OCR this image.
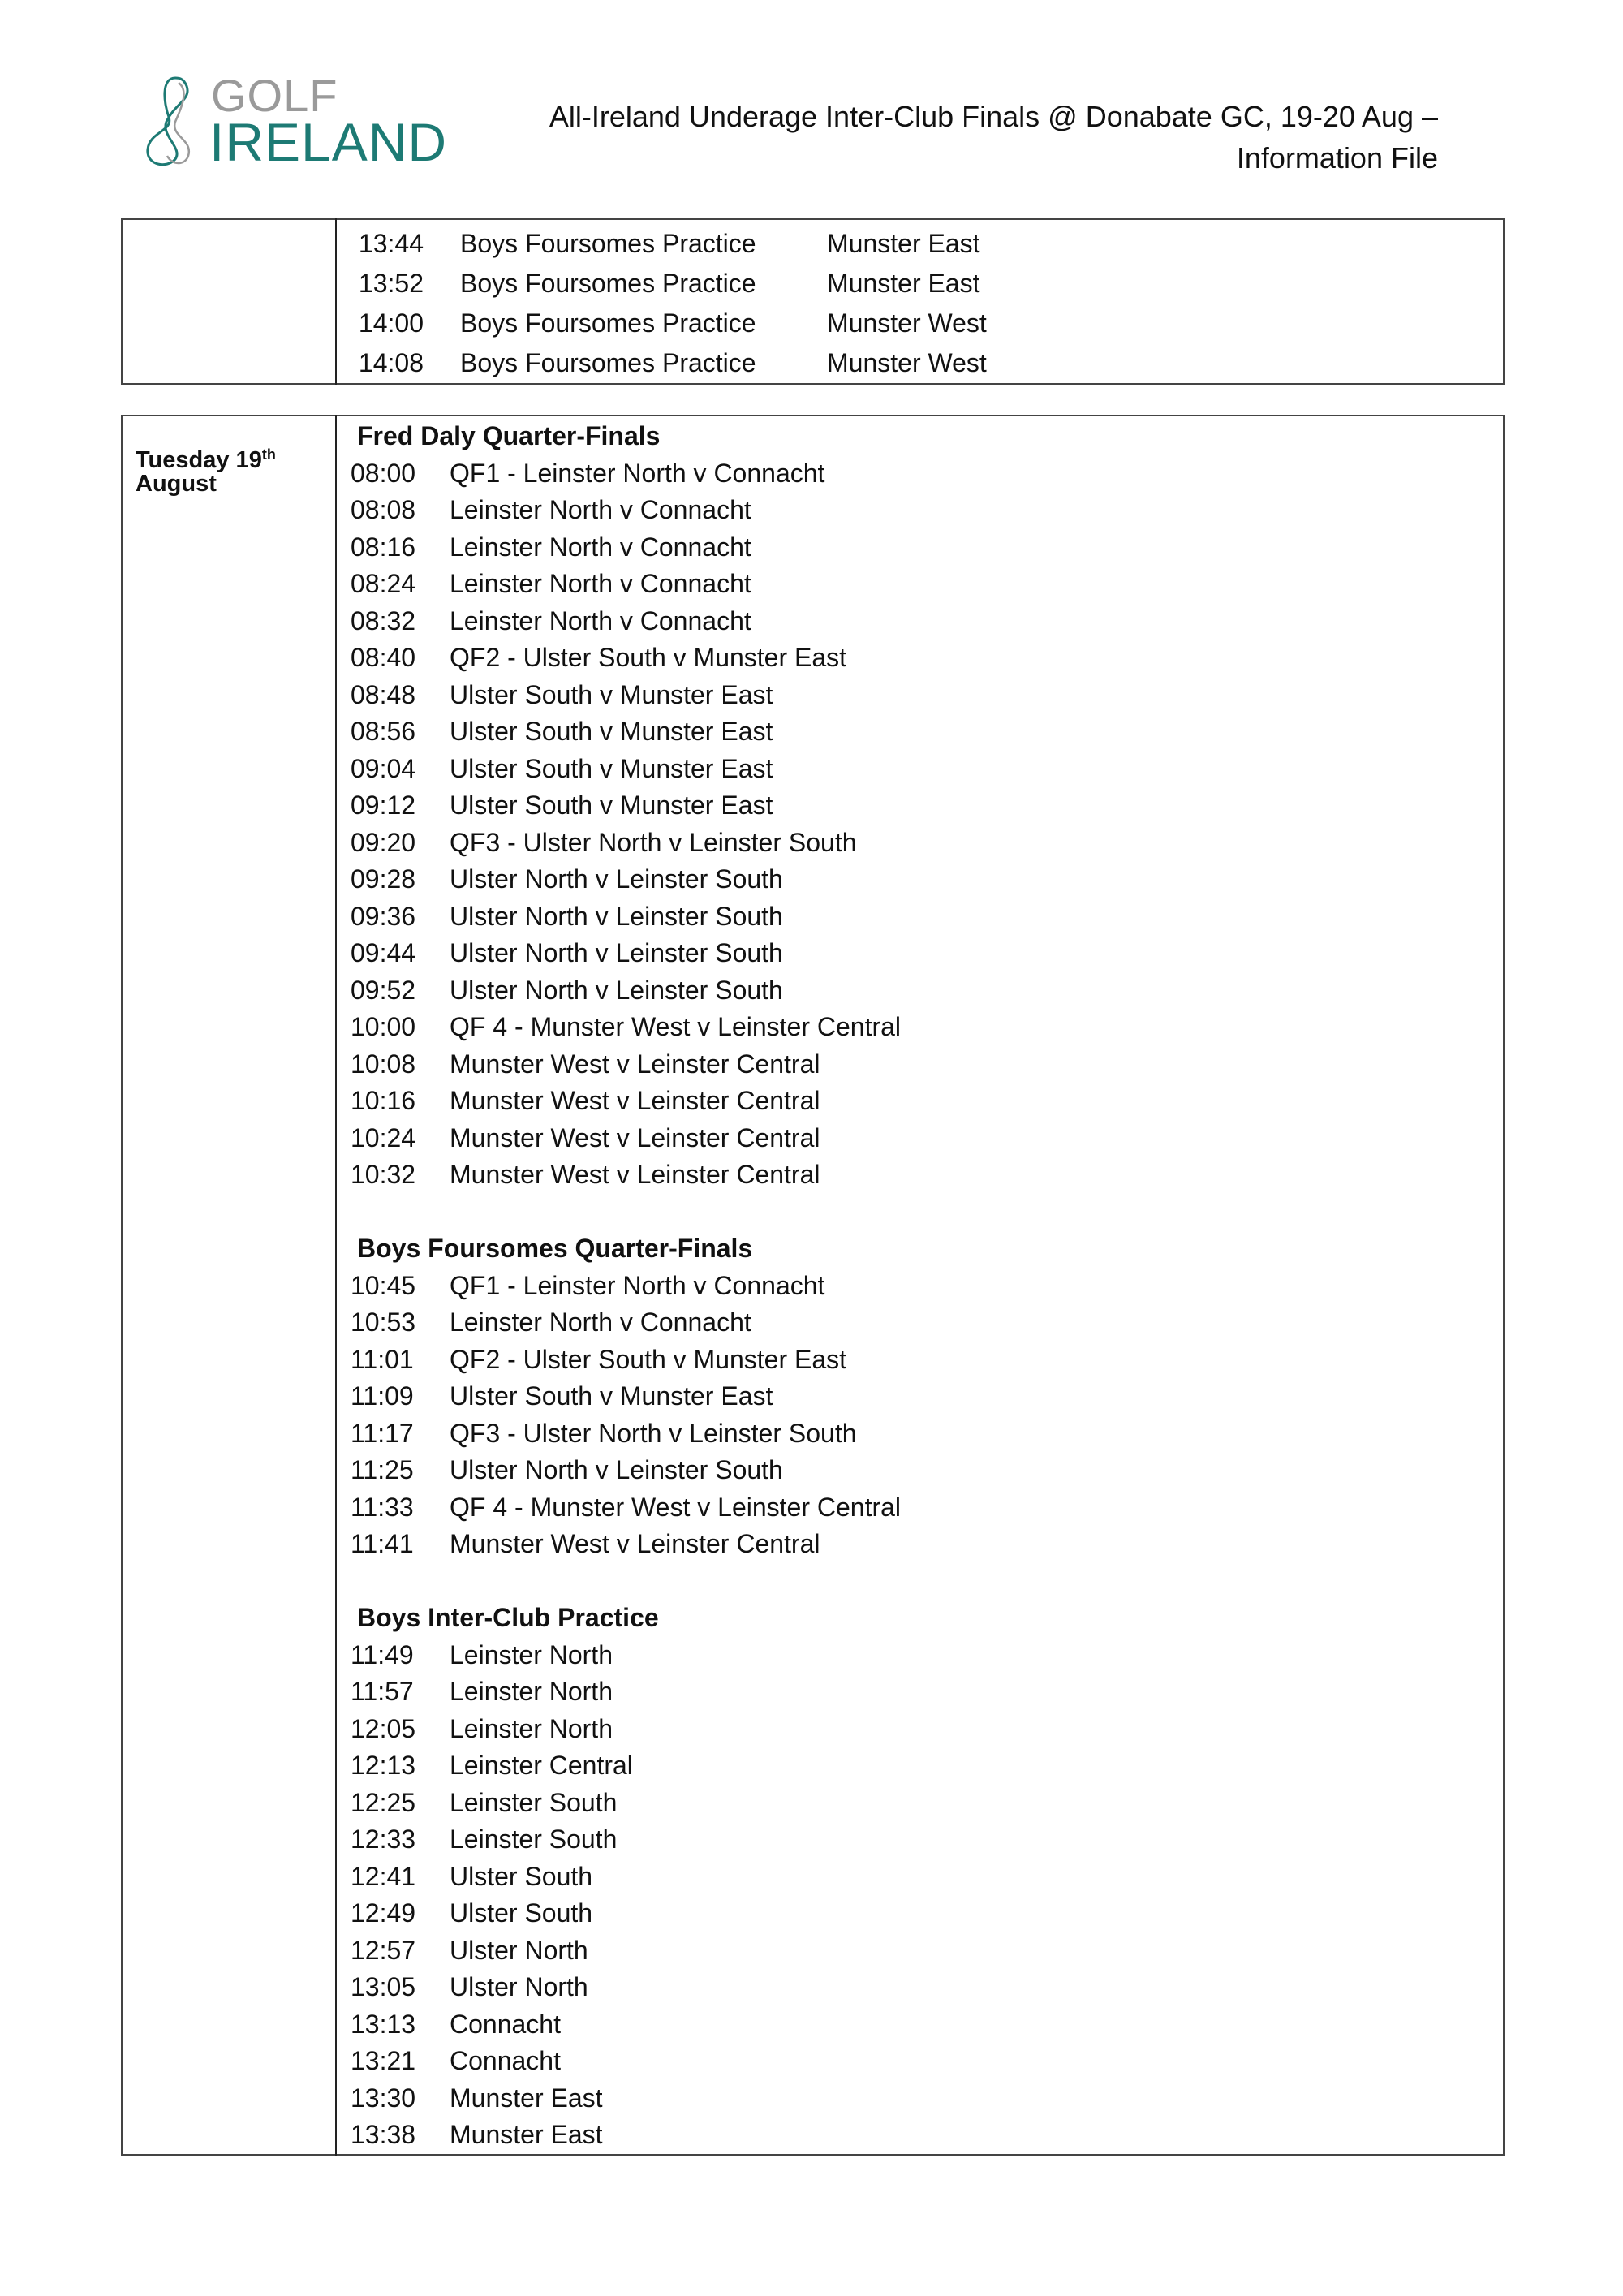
GOLF
IRELAND	All-Ireland Underage Inter-Club Finals @ Donabate GC, 19-20 Aug –
Information File

13:44 Boys Foursomes Practice	Munster East
13:52 Boys Foursomes Practice	Munster East
14:00 Boys Foursomes Practice	Munster West
14:08 Boys Foursomes Practice	Munster West
Tuesday 19th
August

Fred Daly Quarter-Finals
08:00	QF1 - Leinster North v Connacht
08:08	Leinster North v Connacht
08:16	Leinster North v Connacht
08:24	Leinster North v Connacht
08:32	Leinster North v Connacht
08:40	QF2 - Ulster South v Munster East
08:48	Ulster South v Munster East
08:56	Ulster South v Munster East
09:04	Ulster South v Munster East
09:12	Ulster South v Munster East
09:20	QF3 - Ulster North v Leinster South
09:28	Ulster North v Leinster South
09:36	Ulster North v Leinster South
09:44	Ulster North v Leinster South
09:52	Ulster North v Leinster South
10:00	QF 4 - Munster West v Leinster Central
10:08	Munster West v Leinster Central
10:16	Munster West v Leinster Central
10:24	Munster West v Leinster Central
10:32	Munster West v Leinster Central
Boys Foursomes Quarter-Finals
10:45	QF1 - Leinster North v Connacht
10:53	Leinster North v Connacht
11:01	QF2 - Ulster South v Munster East
11:09	Ulster South v Munster East
11:17	QF3 - Ulster North v Leinster South
11:25	Ulster North v Leinster South
11:33	QF 4 - Munster West v Leinster Central
11:41	Munster West v Leinster Central
Boys Inter-Club Practice
11:49	Leinster North
11:57	Leinster North
12:05	Leinster North
12:13	Leinster Central
12:25	Leinster South
12:33	Leinster South
12:41	Ulster South
12:49	Ulster South
12:57	Ulster North
13:05	Ulster North
13:13	Connacht
13:21	Connacht
13:30	Munster East
13:38	Munster East
